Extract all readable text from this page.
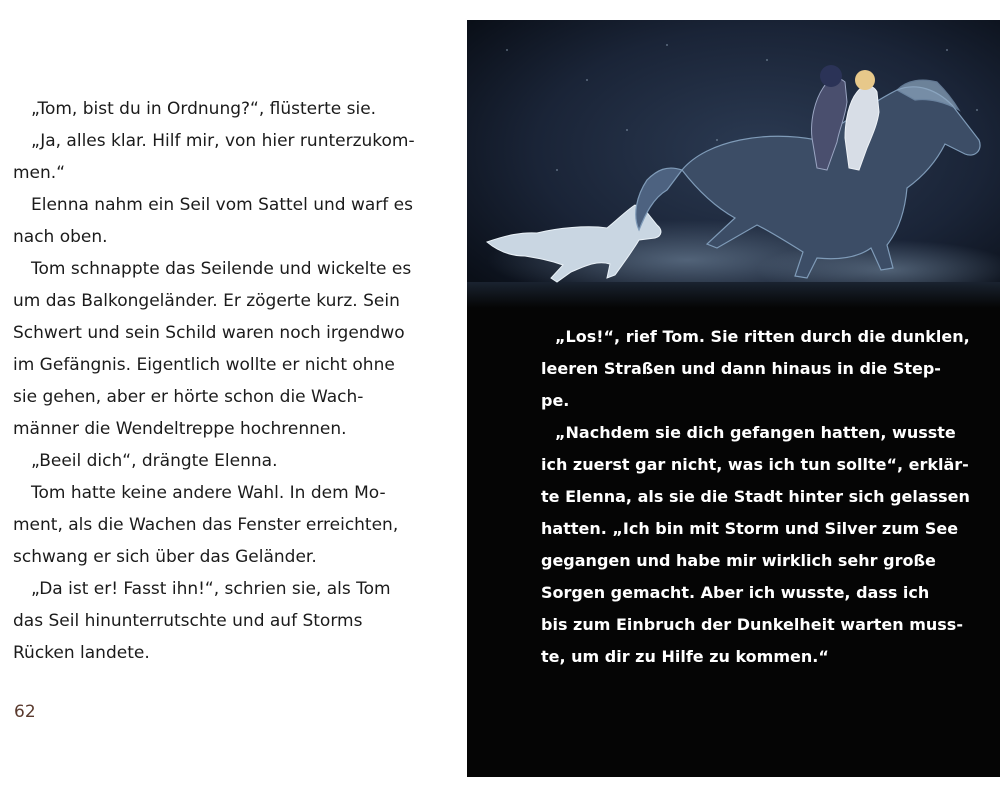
„Tom, bist du in Ordnung?“, flüsterte sie.
„Ja, alles klar. Hilf mir, von hier runterzukom-
men.“
Elenna nahm ein Seil vom Sattel und warf es
nach oben.
Tom schnappte das Seilende und wickelte es
um das Balkongeländer. Er zögerte kurz. Sein
Schwert und sein Schild waren noch irgendwo
im Gefängnis. Eigentlich wollte er nicht ohne
sie gehen, aber er hörte schon die Wach-
männer die Wendeltreppe hochrennen.
„Beeil dich“, drängte Elenna.
Tom hatte keine andere Wahl. In dem Mo-
ment, als die Wachen das Fenster erreichten,
schwang er sich über das Geländer.
„Da ist er! Fasst ihn!“, schrien sie, als Tom
das Seil hinunterrutschte und auf Storms
Rücken landete.
62
„Los!“, rief Tom. Sie ritten durch die dunklen,
leeren Straßen und dann hinaus in die Step-
pe.
„Nachdem sie dich gefangen hatten, wusste
ich zuerst gar nicht, was ich tun sollte“, erklär-
te Elenna, als sie die Stadt hinter sich gelassen
hatten. „Ich bin mit Storm und Silver zum See
gegangen und habe mir wirklich sehr große
Sorgen gemacht. Aber ich wusste, dass ich
bis zum Einbruch der Dunkelheit warten muss-
te, um dir zu Hilfe zu kommen.“
